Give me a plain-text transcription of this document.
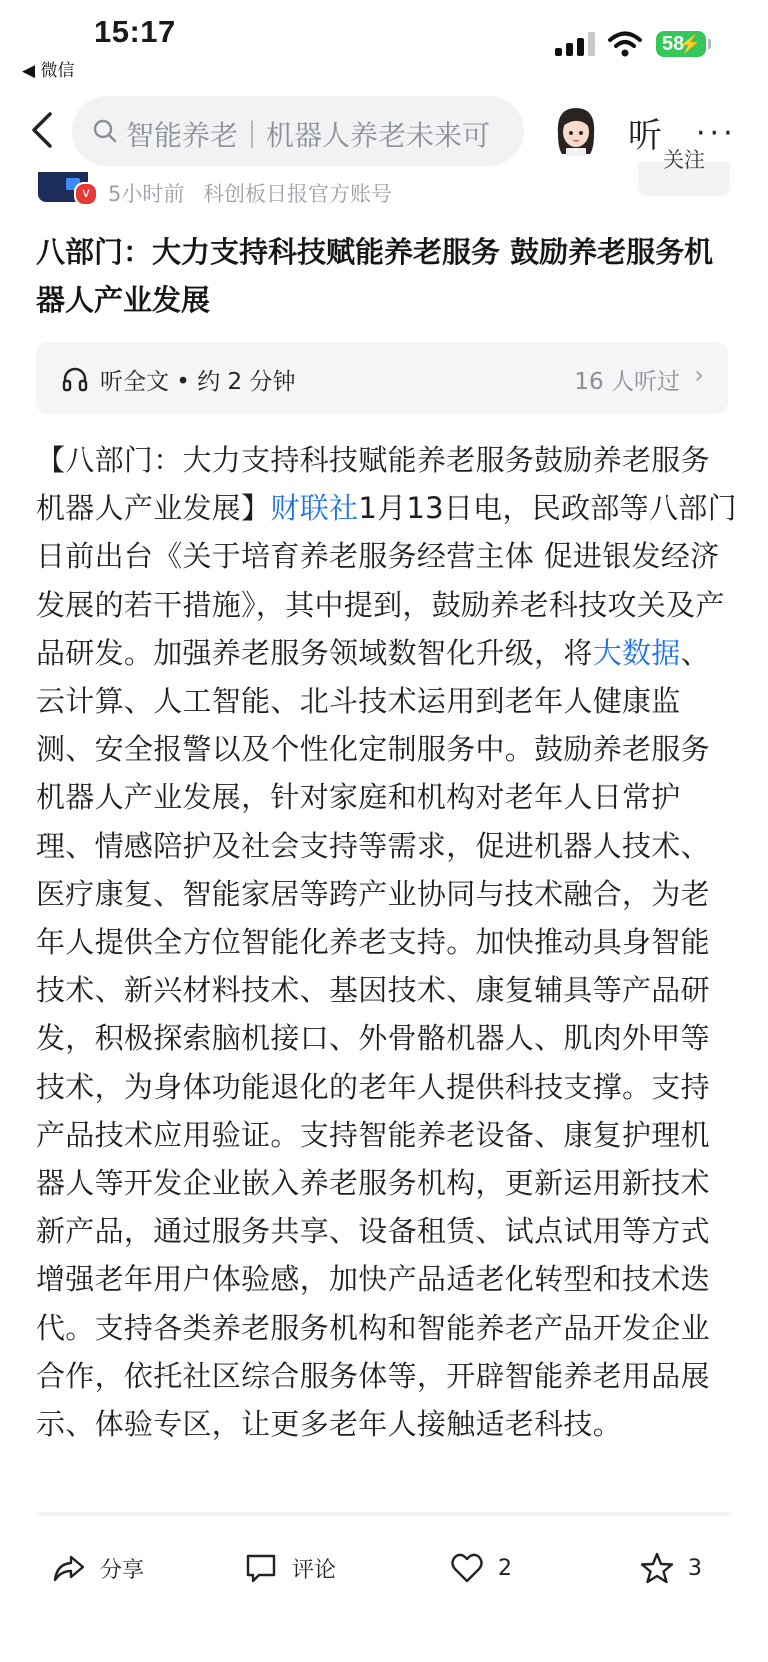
15:17
◀ 微信
58
⚡
智能养老｜机器人养老未来可	听 ···
v 5小时前 科创板日报官方账号
关注
八部门：大力支持科技赋能养老服务 鼓励养老服务机器人产业发展
听全文 • 约 2 分钟	16 人听过 ›
【八部门：大力支持科技赋能养老服务鼓励养老服务机器人产业发展】财联社1月13日电，民政部等八部门日前出台《关于培育养老服务经营主体 促进银发经济发展的若干措施》，其中提到，鼓励养老科技攻关及产品研发。加强养老服务领域数智化升级，将大数据、云计算、人工智能、北斗技术运用到老年人健康监测、安全报警以及个性化定制服务中。鼓励养老服务机器人产业发展，针对家庭和机构对老年人日常护理、情感陪护及社会支持等需求，促进机器人技术、医疗康复、智能家居等跨产业协同与技术融合，为老年人提供全方位智能化养老支持。加快推动具身智能技术、新兴材料技术、基因技术、康复辅具等产品研发，积极探索脑机接口、外骨骼机器人、肌肉外甲等技术，为身体功能退化的老年人提供科技支撑。支持产品技术应用验证。支持智能养老设备、康复护理机器人等开发企业嵌入养老服务机构，更新运用新技术新产品，通过服务共享、设备租赁、试点试用等方式增强老年用户体验感，加快产品适老化转型和技术迭代。支持各类养老服务机构和智能养老产品开发企业合作，依托社区综合服务体等，开辟智能养老用品展示、体验专区，让更多老年人接触适老科技。
分享	评论	2	3
